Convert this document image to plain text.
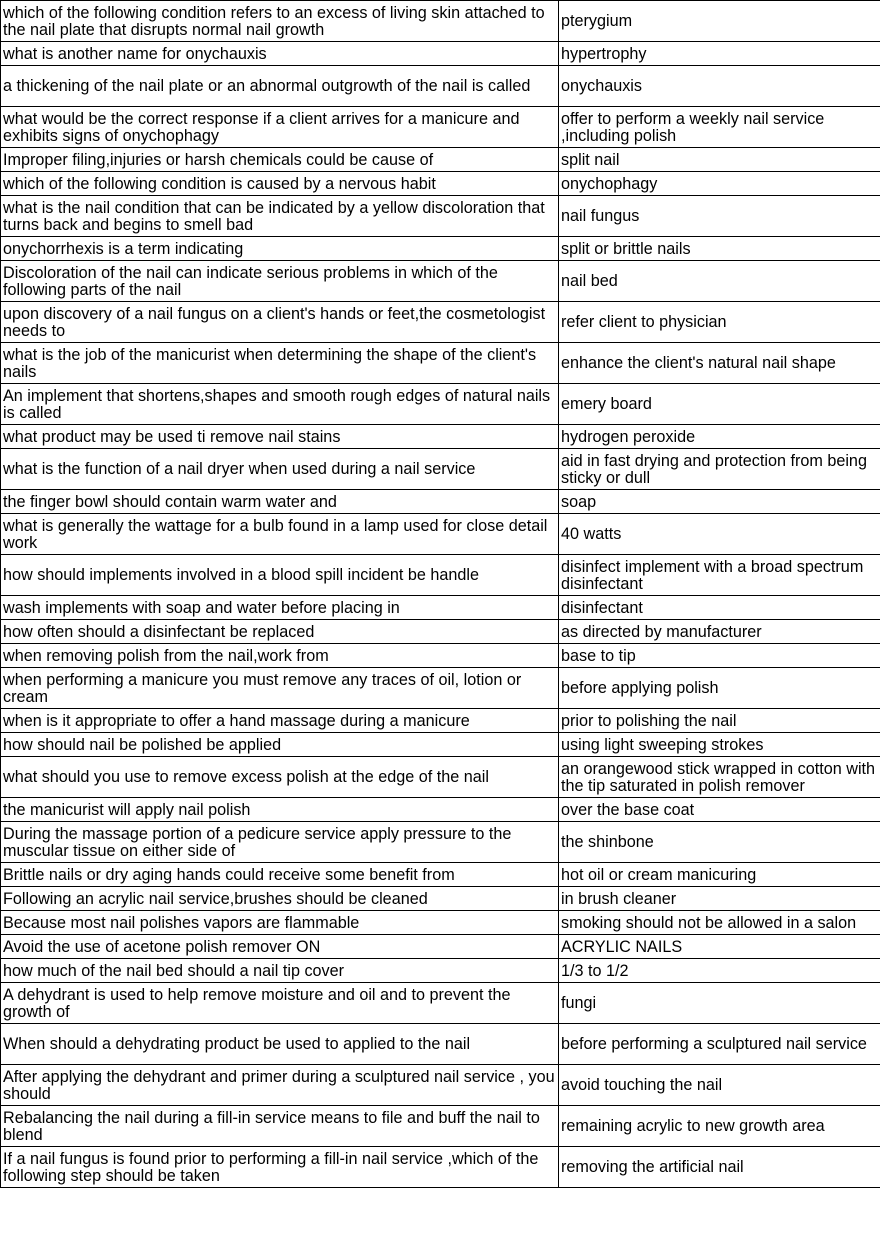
which of the following condition refers to an excess of living skin attached to the nail plate that disrupts normal nail growth	pterygium
what is another name for onychauxis	hypertrophy
a thickening of the nail plate or an abnormal outgrowth of the nail is called	onychauxis
what would be the correct response if a client arrives for a manicure and exhibits signs of onychophagy	offer to perform a weekly nail service ,including polish
Improper filing,injuries or harsh chemicals could be cause of	split nail
which of the following condition is caused by a nervous habit	onychophagy
what is the nail condition that can be indicated by a yellow discoloration that turns back and begins to smell bad	nail fungus
onychorrhexis is a term indicating	split or brittle nails
Discoloration of the nail can indicate serious problems in which of the following parts of the nail	nail bed
upon discovery of a nail fungus on a client's hands or feet,the cosmetologist needs to	refer client to physician
what is the job of the manicurist when determining the shape of the client's nails	enhance the client's natural nail shape
An implement that shortens,shapes and smooth rough edges of natural nails is called	emery board
what product may be used ti remove nail stains	hydrogen peroxide
what is the function of a nail dryer when used during a nail service	aid in fast drying and protection from being sticky or dull
the finger bowl should contain warm water and	soap
what is generally the wattage for a bulb found in a lamp used for close detail work	40 watts
how should implements involved in a blood spill incident be handle	disinfect implement with a broad spectrum disinfectant
wash implements with soap and water before placing in	disinfectant
how often should a disinfectant be replaced	as directed by manufacturer
when removing polish from the nail,work from	base to tip
when performing a manicure you must remove any traces of oil, lotion or cream	before applying polish
when is it appropriate to offer a hand massage during a manicure	prior to polishing the nail
how should nail be polished be applied	using light sweeping strokes
what should you use to remove excess polish at the edge of the nail	an orangewood stick wrapped in cotton with the tip saturated in polish remover
the manicurist will apply nail polish	over the base coat
During the massage portion of a pedicure service apply pressure to the muscular tissue on either side of	the shinbone
Brittle nails or dry aging hands could receive some benefit from	hot oil or cream manicuring
Following an acrylic nail service,brushes should be cleaned	in brush cleaner
Because most nail polishes vapors are flammable	smoking should not be allowed in a salon
Avoid the use of acetone polish remover ON	ACRYLIC NAILS
how much of the nail bed should a nail tip cover	1/3 to 1/2
A dehydrant is used to help remove moisture and oil and to prevent the growth of	fungi
When should a dehydrating product be used to applied to the nail	before performing a sculptured nail service
After applying the dehydrant and primer during a sculptured nail service , you should	avoid touching the nail
Rebalancing the nail during a fill-in service means to file and buff the nail to blend	remaining acrylic to new growth area
If a nail fungus is found prior to performing a fill-in nail service ,which of the following step should be taken	removing the artificial nail
